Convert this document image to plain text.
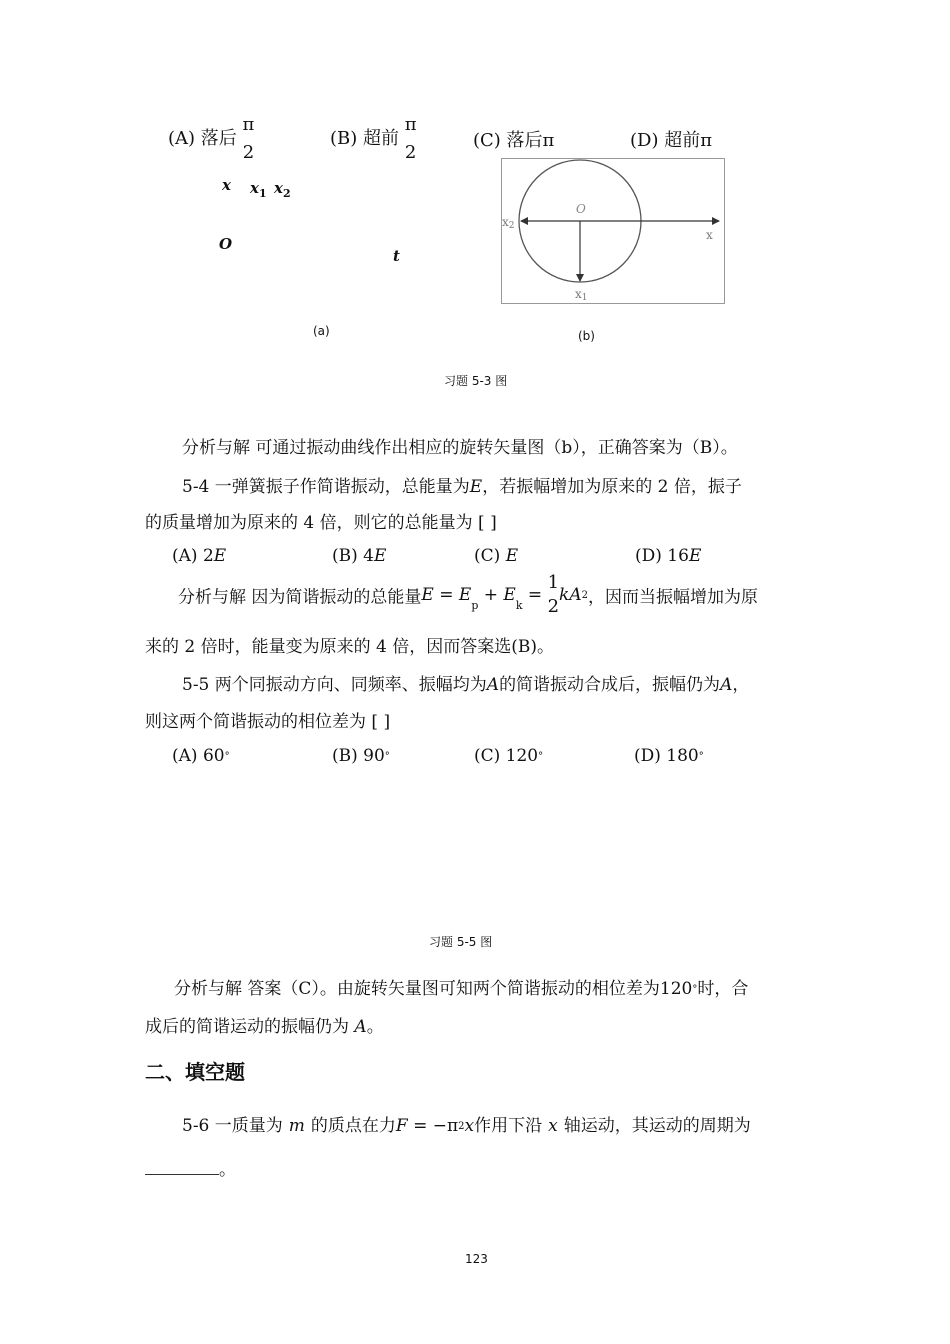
(A) 落后
π
2
(B) 超前
π
2
(C) 落后π	(D) 超前π
x $x_1$ $x_2$
O
t
(a)
O
x
x2
x1
(b)
习题 5-3 图
分析与解 可通过振动曲线作出相应的旋转矢量图（b），正确答案为（B）。
5-4 一弹簧振子作简谐振动，总能量为E，若振幅增加为原来的 2 倍，振子
的质量增加为原来的 4 倍，则它的总能量为 [ ]
(A) 2E	(B) 4E	(C) E	(D) 16E
分析与解 因为简谐振动的总能量$E = E_p + E_k$ =
1
2
kA2，因而当振幅增加为原
来的 2 倍时，能量变为原来的 4 倍，因而答案选(B)。
5-5 两个同振动方向、同频率、振幅均为A的简谐振动合成后，振幅仍为A，
则这两个简谐振动的相位差为 [ ]
(A) 60°	(B) 90°	(C) 120°	(D) 180°
习题 5-5 图
分析与解 答案（C）。由旋转矢量图可知两个简谐振动的相位差为120°时，合
成后的简谐运动的振幅仍为 A。
二、填空题
5-6 一质量为 m 的质点在力F = −π2x作用下沿 x 轴运动，其运动的周期为
。
123
